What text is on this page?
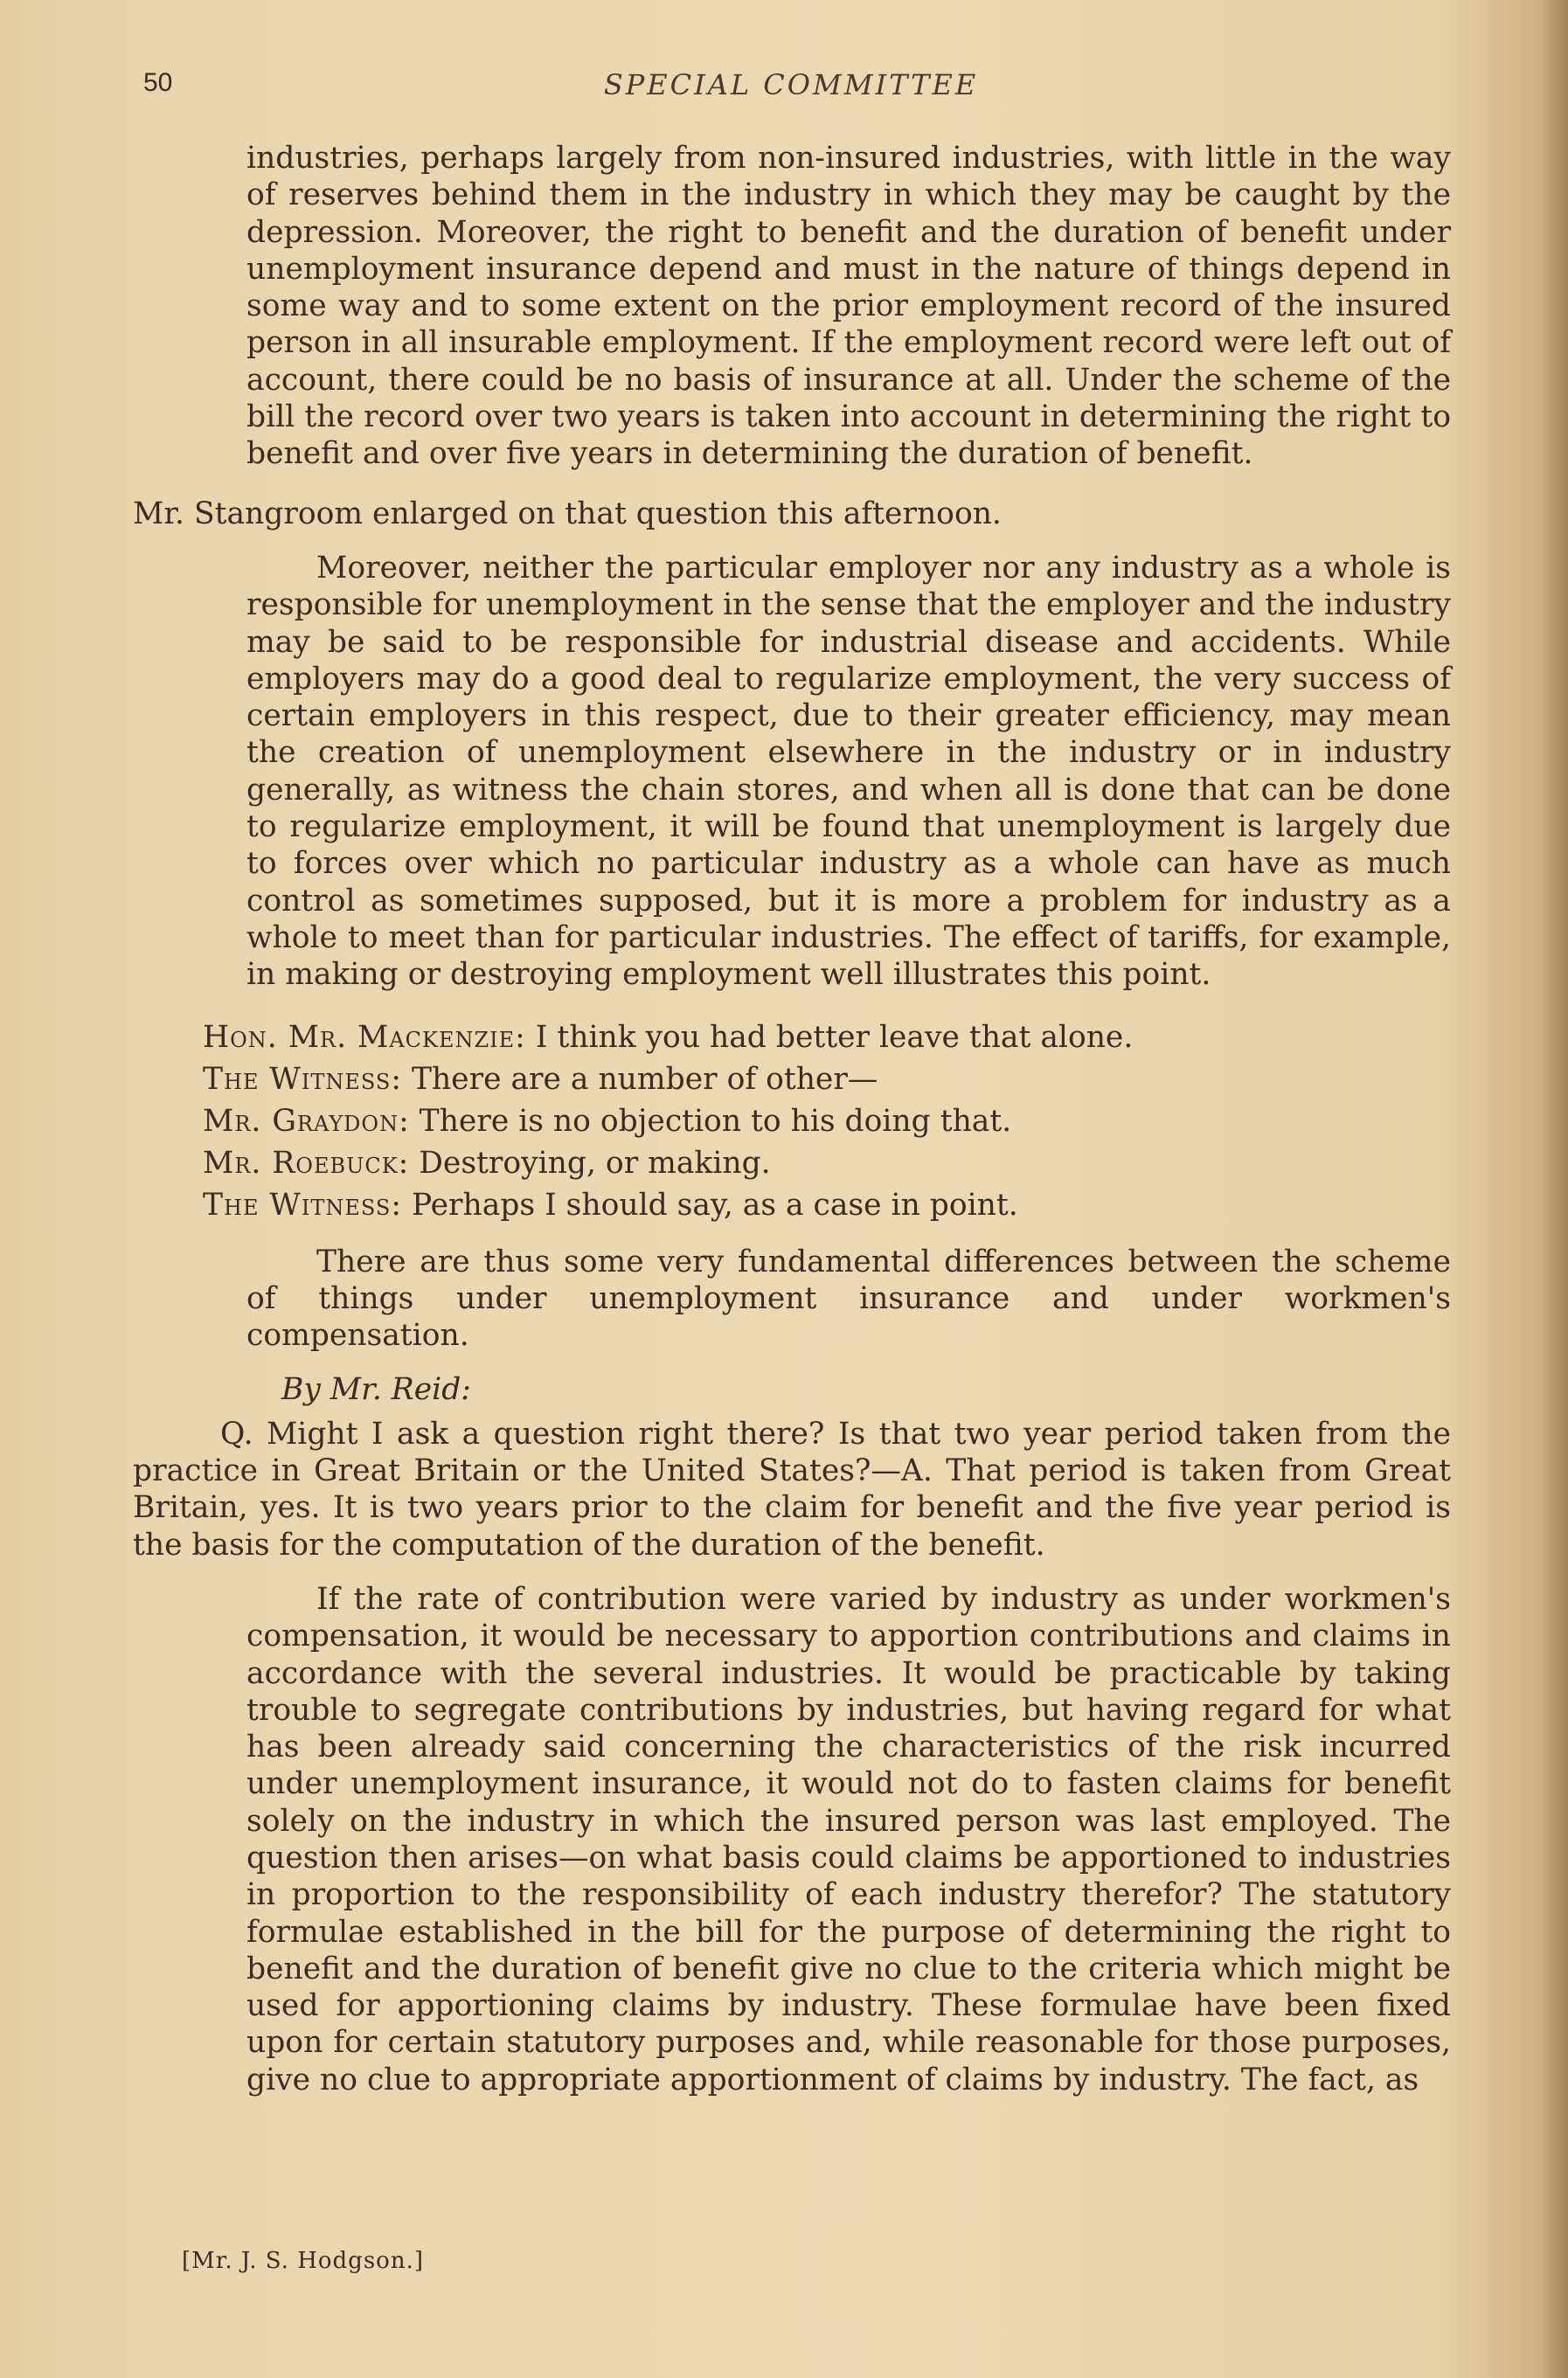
50	SPECIAL COMMITTEE
industries, perhaps largely from non-insured industries, with little in the way of reserves behind them in the industry in which they may be caught by the depression. Moreover, the right to benefit and the duration of benefit under unemployment insurance depend and must in the nature of things depend in some way and to some extent on the prior employment record of the insured person in all insurable employment. If the employment record were left out of account, there could be no basis of insurance at all. Under the scheme of the bill the record over two years is taken into account in determining the right to benefit and over five years in determining the duration of benefit.
Mr. Stangroom enlarged on that question this afternoon.
Moreover, neither the particular employer nor any industry as a whole is responsible for unemployment in the sense that the employer and the industry may be said to be responsible for industrial disease and accidents. While employers may do a good deal to regularize employment, the very success of certain employers in this respect, due to their greater efficiency, may mean the creation of unemployment elsewhere in the industry or in industry generally, as witness the chain stores, and when all is done that can be done to regularize employment, it will be found that unemployment is largely due to forces over which no particular industry as a whole can have as much control as sometimes supposed, but it is more a problem for industry as a whole to meet than for particular industries. The effect of tariffs, for example, in making or destroying employment well illustrates this point.
Hon. Mr. Mackenzie: I think you had better leave that alone.
The Witness: There are a number of other—
Mr. Graydon: There is no objection to his doing that.
Mr. Roebuck: Destroying, or making.
The Witness: Perhaps I should say, as a case in point.
There are thus some very fundamental differences between the scheme of things under unemployment insurance and under workmen's compensation.
By Mr. Reid:
Q. Might I ask a question right there? Is that two year period taken from the practice in Great Britain or the United States?—A. That period is taken from Great Britain, yes. It is two years prior to the claim for benefit and the five year period is the basis for the computation of the duration of the benefit.
If the rate of contribution were varied by industry as under workmen's compensation, it would be necessary to apportion contributions and claims in accordance with the several industries. It would be practicable by taking trouble to segregate contributions by industries, but having regard for what has been already said concerning the characteristics of the risk incurred under unemployment insurance, it would not do to fasten claims for benefit solely on the industry in which the insured person was last employed. The question then arises—on what basis could claims be apportioned to industries in proportion to the responsibility of each industry therefor? The statutory formulae established in the bill for the purpose of determining the right to benefit and the duration of benefit give no clue to the criteria which might be used for apportioning claims by industry. These formulae have been fixed upon for certain statutory purposes and, while reasonable for those purposes, give no clue to appropriate apportionment of claims by industry. The fact, as
[Mr. J. S. Hodgson.]
